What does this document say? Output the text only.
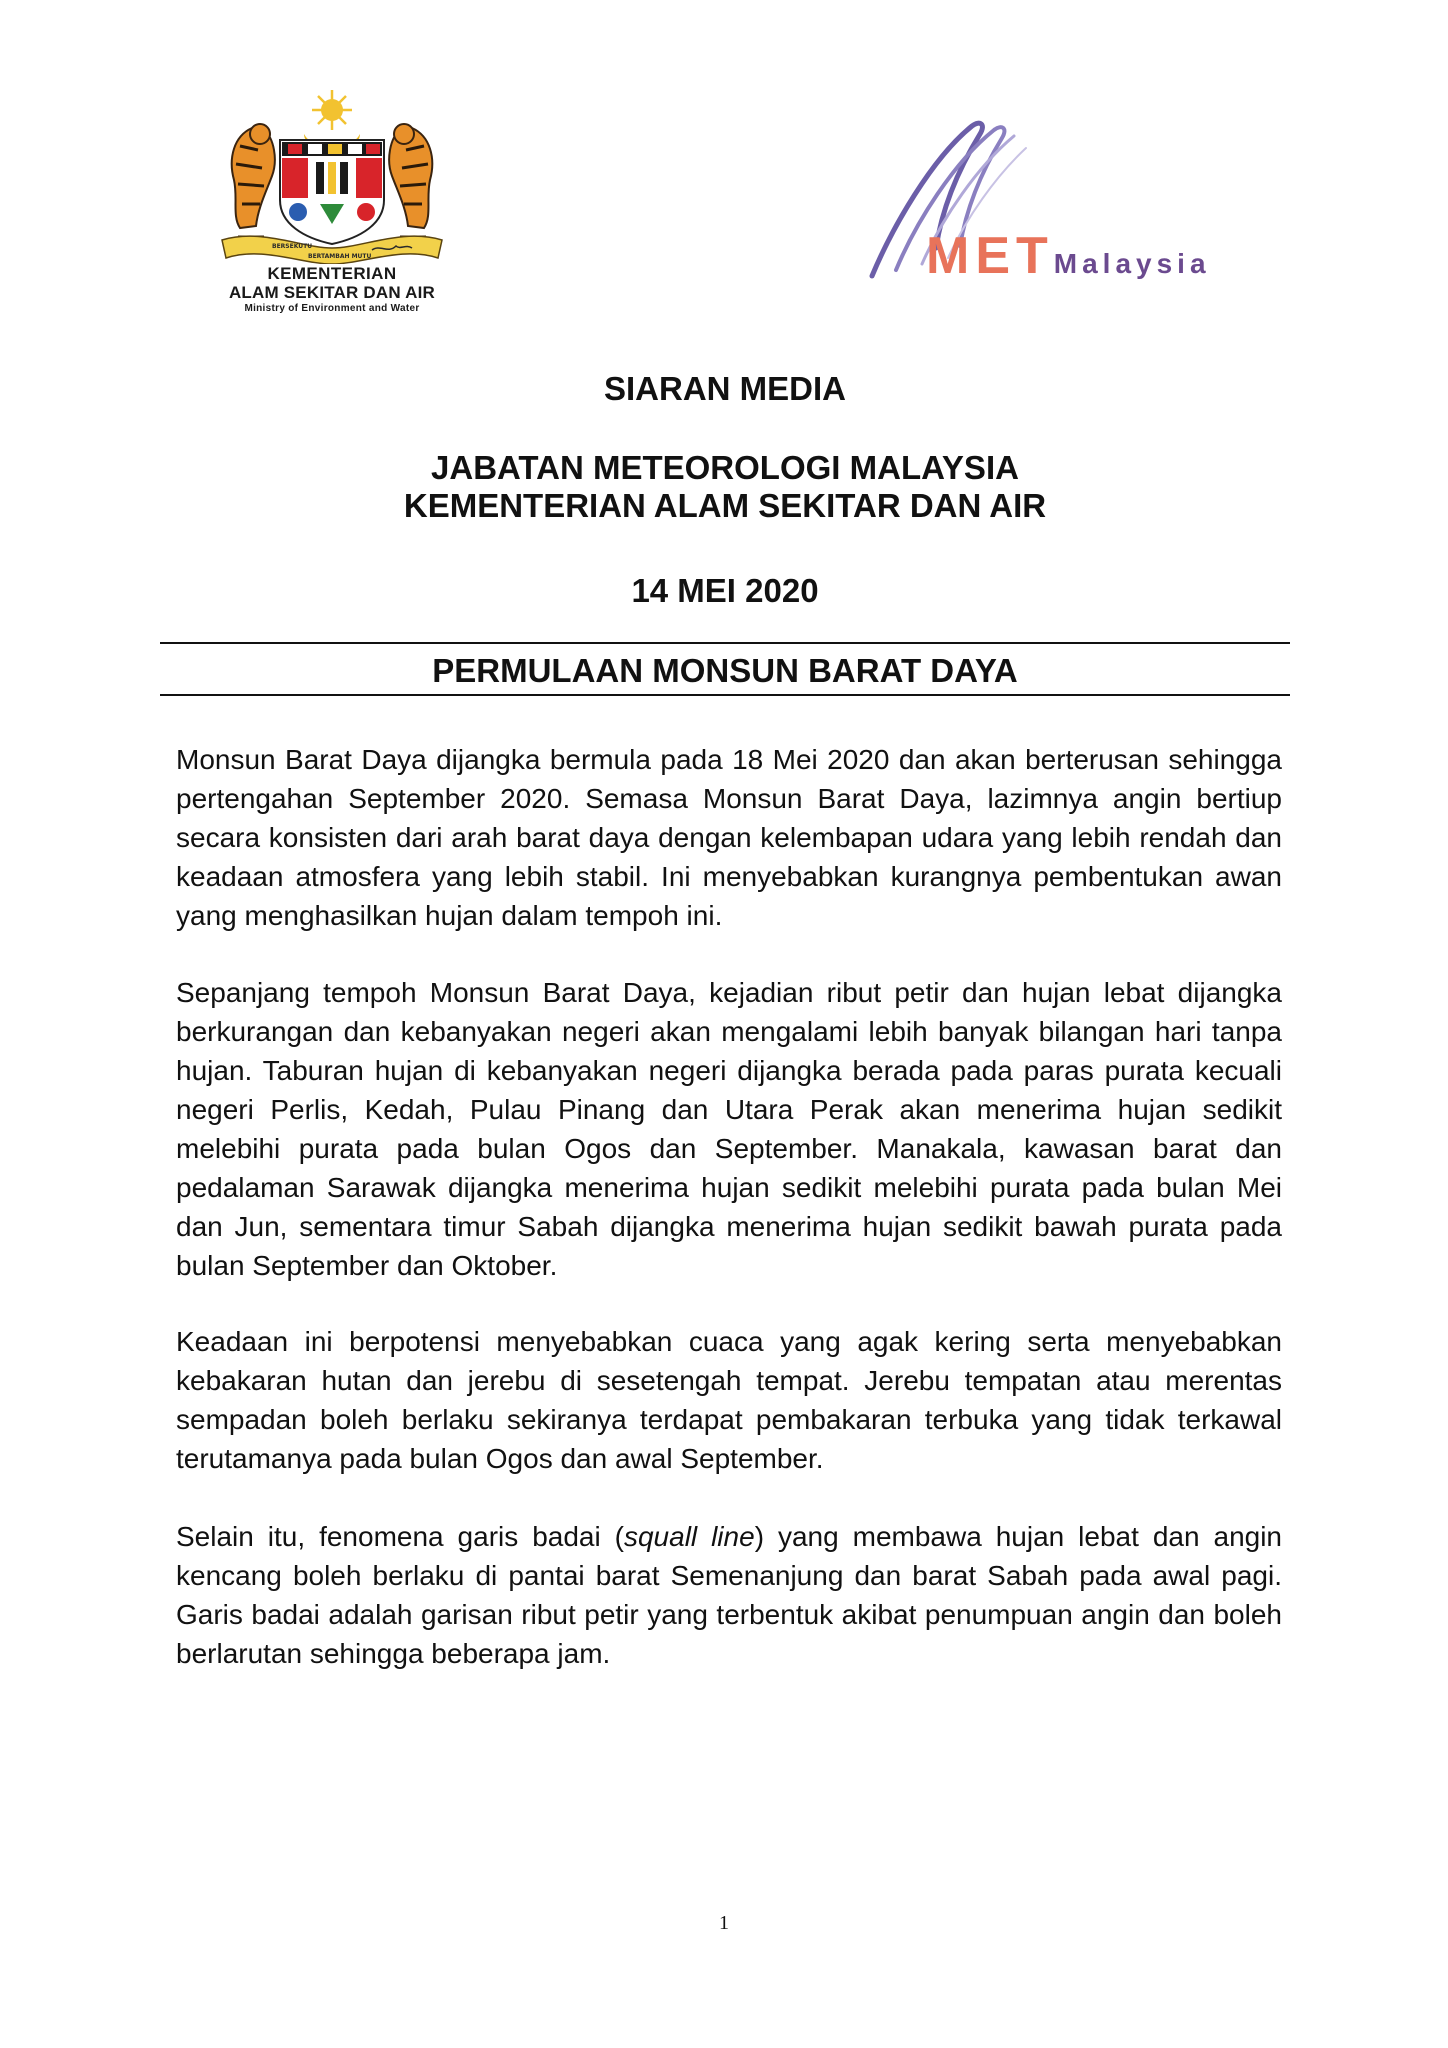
BERSEKUTU
BERTAMBAH MUTU
KEMENTERIAN
ALAM SEKITAR DAN AIR
Ministry of Environment and Water
METMalaysia
SIARAN MEDIA
JABATAN METEOROLOGI MALAYSIA
KEMENTERIAN ALAM SEKITAR DAN AIR
14 MEI 2020
PERMULAAN MONSUN BARAT DAYA

Monsun Barat Daya dijangka bermula pada 18 Mei 2020 dan akan berterusan sehingga pertengahan September 2020. Semasa Monsun Barat Daya, lazimnya angin bertiup secara konsisten dari arah barat daya dengan kelembapan udara yang lebih rendah dan keadaan atmosfera yang lebih stabil. Ini menyebabkan kurangnya pembentukan awan yang menghasilkan hujan dalam tempoh ini.

Sepanjang tempoh Monsun Barat Daya, kejadian ribut petir dan hujan lebat dijangka berkurangan dan kebanyakan negeri akan mengalami lebih banyak bilangan hari tanpa hujan. Taburan hujan di kebanyakan negeri dijangka berada pada paras purata kecuali negeri Perlis, Kedah, Pulau Pinang dan Utara Perak akan menerima hujan sedikit melebihi purata pada bulan Ogos dan September. Manakala, kawasan barat dan pedalaman Sarawak dijangka menerima hujan sedikit melebihi purata pada bulan Mei dan Jun, sementara timur Sabah dijangka menerima hujan sedikit bawah purata pada bulan September dan Oktober.

Keadaan ini berpotensi menyebabkan cuaca yang agak kering serta menyebabkan kebakaran hutan dan jerebu di sesetengah tempat. Jerebu tempatan atau merentas sempadan boleh berlaku sekiranya terdapat pembakaran terbuka yang tidak terkawal terutamanya pada bulan Ogos dan awal September.

Selain itu, fenomena garis badai (squall line) yang membawa hujan lebat dan angin kencang boleh berlaku di pantai barat Semenanjung dan barat Sabah pada awal pagi. Garis badai adalah garisan ribut petir yang terbentuk akibat penumpuan angin dan boleh berlarutan sehingga beberapa jam.

1
